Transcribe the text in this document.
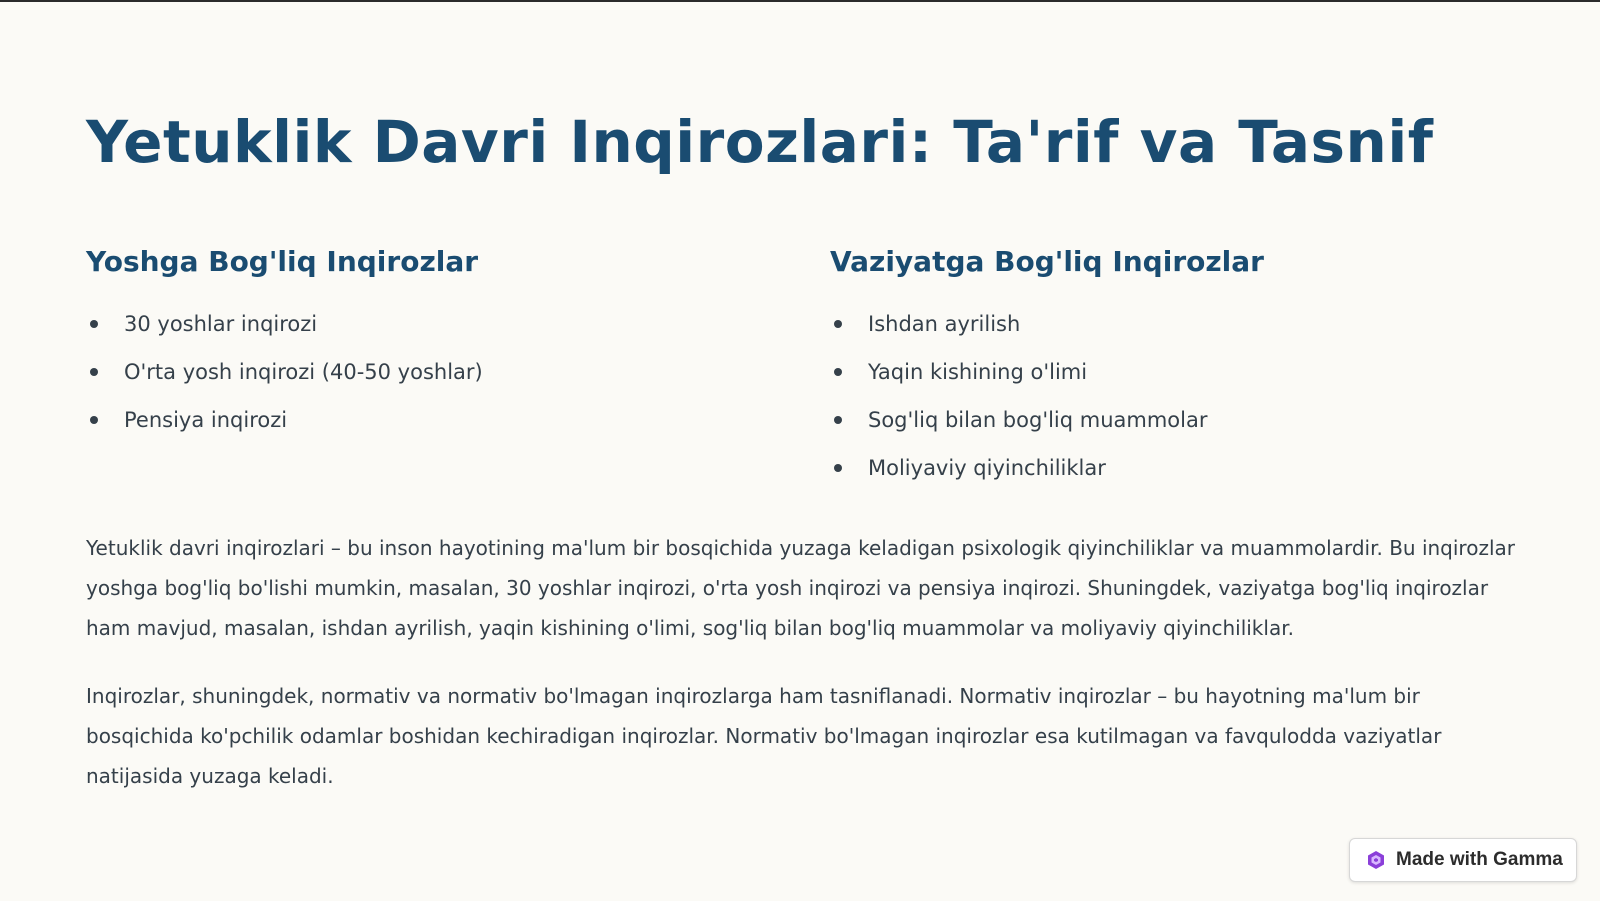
Yetuklik Davri Inqirozlari: Ta'rif va Tasnif
Yoshga Bog'liq Inqirozlar
30 yoshlar inqirozi
O'rta yosh inqirozi (40-50 yoshlar)
Pensiya inqirozi
Vaziyatga Bog'liq Inqirozlar
Ishdan ayrilish
Yaqin kishining o'limi
Sog'liq bilan bog'liq muammolar
Moliyaviy qiyinchiliklar

Yetuklik davri inqirozlari – bu inson hayotining ma'lum bir bosqichida yuzaga keladigan psixologik qiyinchiliklar va muammolardir. Bu inqirozlar yoshga bog'liq bo'lishi mumkin, masalan, 30 yoshlar inqirozi, o'rta yosh inqirozi va pensiya inqirozi. Shuningdek, vaziyatga bog'liq inqirozlar ham mavjud, masalan, ishdan ayrilish, yaqin kishining o'limi, sog'liq bilan bog'liq muammolar va moliyaviy qiyinchiliklar.

Inqirozlar, shuningdek, normativ va normativ bo'lmagan inqirozlarga ham tasniflanadi. Normativ inqirozlar – bu hayotning ma'lum bir bosqichida ko'pchilik odamlar boshidan kechiradigan inqirozlar. Normativ bo'lmagan inqirozlar esa kutilmagan va favqulodda vaziyatlar natijasida yuzaga keladi.

Made with Gamma
